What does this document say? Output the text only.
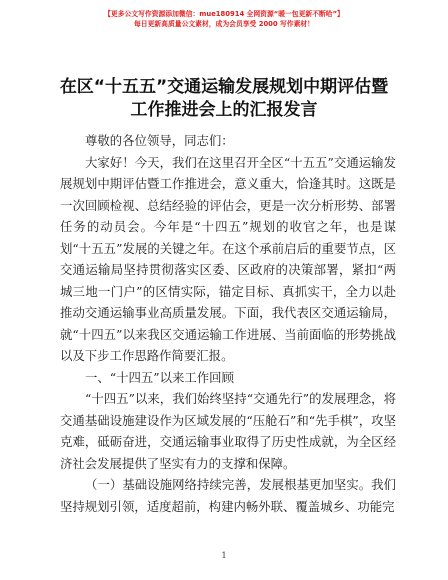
【更多公文写作资源添加微信：mue180914 全网资源“暖一包更新不断哈”】
每日更新高质量公文素材，成为会员享受 2000 写作素材！
在区“十五五”交通运输发展规划中期评估暨
工作推进会上的汇报发言

尊敬的各位领导，同志们：

大家好！今天，我们在这里召开全区“十五五”交通运输发展规划中期评估暨工作推进会，意义重大，恰逢其时。这既是一次回顾检视、总结经验的评估会，更是一次分析形势、部署任务的动员会。今年是“十四五”规划的收官之年，也是谋划“十五五”发展的关键之年。在这个承前启后的重要节点，区交通运输局坚持贯彻落实区委、区政府的决策部署，紧扣“两城三地一门户”的区情实际，锚定目标、真抓实干，全力以赴推动交通运输事业高质量发展。下面，我代表区交通运输局，就“十四五”以来我区交通运输工作进展、当前面临的形势挑战以及下步工作思路作简要汇报。

一、“十四五”以来工作回顾

“十四五”以来，我们始终坚持“交通先行”的发展理念，将交通基础设施建设作为区域发展的“压舱石”和“先手棋”，攻坚克难，砥砺奋进，交通运输事业取得了历史性成就，为全区经济社会发展提供了坚实有力的支撑和保障。

（一）基础设施网络持续完善，发展根基更加坚实。我们坚持规划引领，适度超前，构建内畅外联、覆盖城乡、功能完

1
